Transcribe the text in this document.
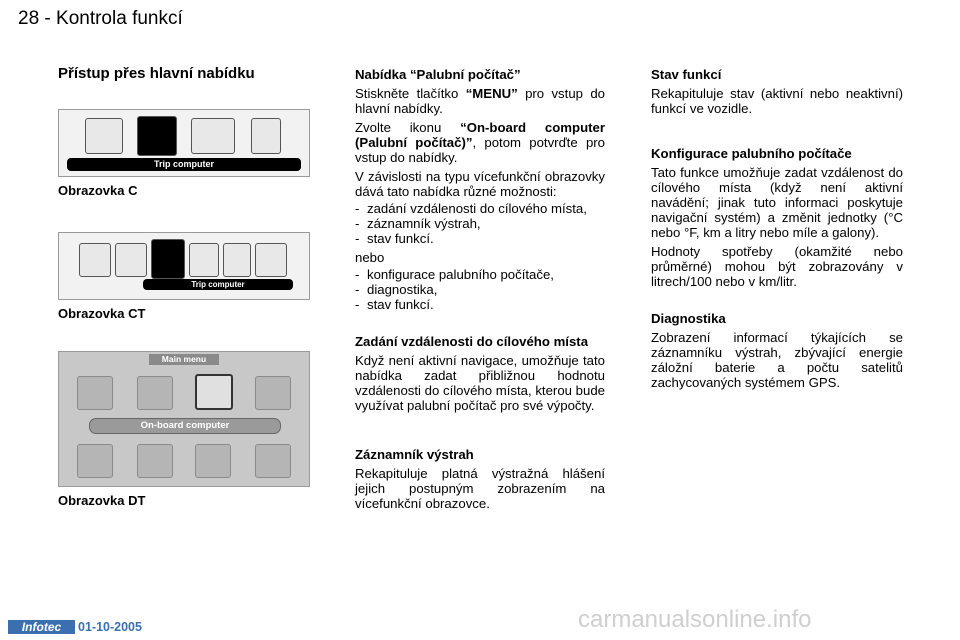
28 - Kontrola funkcí
Přístup přes hlavní nabídku
Trip computer
Obrazovka C
Trip computer
Obrazovka CT
Main menu
On-board computer
Obrazovka DT
Nabídka “Palubní počítač”

Stiskněte tlačítko “MENU” pro vstup do hlavní nabídky.

Zvolte ikonu “On-board computer (Palubní počítač)”, potom potvrďte pro vstup do nabídky.

V závislosti na typu vícefunkční obrazovky dává tato nabídka různé možnosti:

- zadání vzdálenosti do cílového místa,
- záznamník výstrah,
- stav funkcí.

nebo

- konfigurace palubního počítače,
- diagnostika,
- stav funkcí.
Zadání vzdálenosti do cílového místa

Když není aktivní navigace, umožňuje tato nabídka zadat přibližnou hodnotu vzdálenosti do cílového místa, kterou bude využívat palubní počítač pro své výpočty.

Záznamník výstrah

Rekapituluje platná výstražná hlášení jejich postupným zobrazením na vícefunkční obrazovce.

Stav funkcí

Rekapituluje stav (aktivní nebo neaktivní) funkcí ve vozidle.

Konfigurace palubního počítače

Tato funkce umožňuje zadat vzdálenost do cílového místa (když není aktivní navádění; jinak tuto informaci poskytuje navigační systém) a změnit jednotky (°C nebo °F, km a litry nebo míle a galony).

Hodnoty spotřeby (okamžité nebo průměrné) mohou být zobrazovány v litrech/100 nebo v km/litr.

Diagnostika

Zobrazení informací týkajících se záznamníku výstrah, zbývající energie záložní baterie a počtu satelitů zachycovaných systémem GPS.

Infotec	01-10-2005	carmanualsonline.info
